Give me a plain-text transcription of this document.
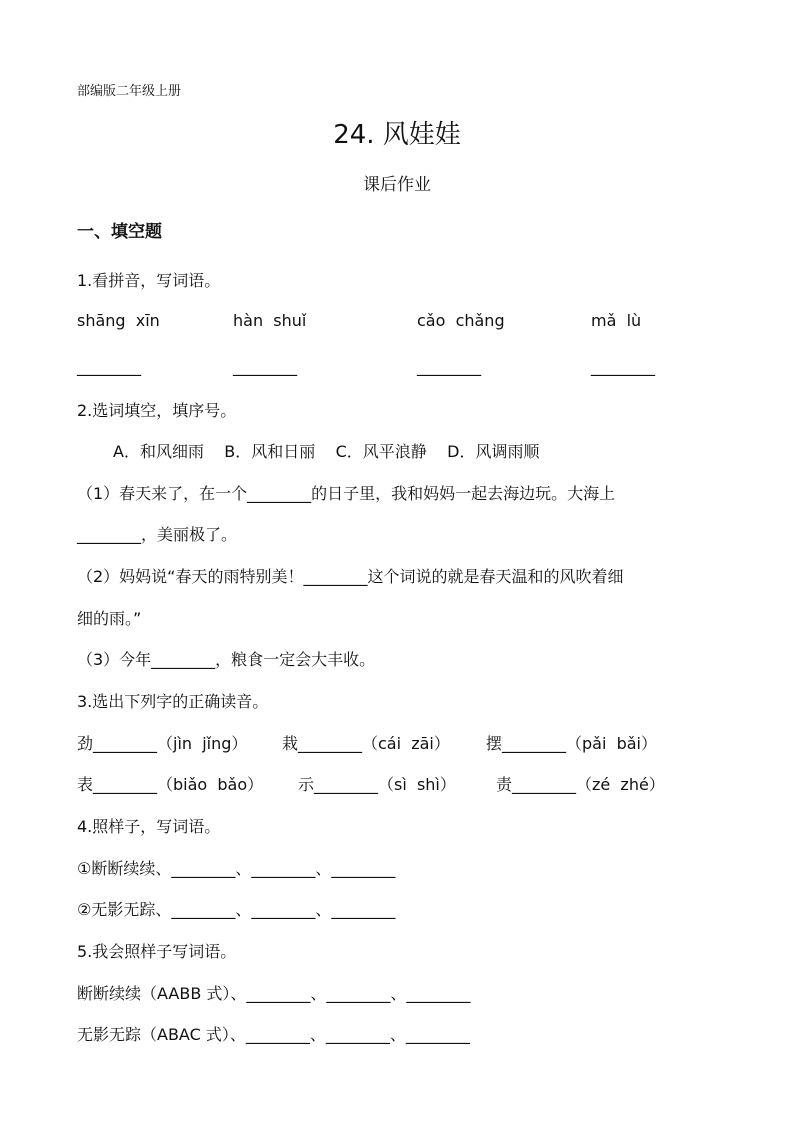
部编版二年级上册
24. 风娃娃
课后作业
一、填空题
1.看拼音，写词语。
shāng  xīn	hàn  shuǐ	cǎo  chǎng	mǎ  lù
________	________	________	________
2.选词填空，填序号。
A．和风细雨    B．风和日丽    C．风平浪静    D．风调雨顺
（1）春天来了，在一个________的日子里，我和妈妈一起去海边玩。大海上
________，美丽极了。
（2）妈妈说“春天的雨特别美！________这个词说的就是春天温和的风吹着细
细的雨。”
（3）今年________，粮食一定会大丰收。
3.选出下列字的正确读音。
劲________（jìn  jǐng） 栽________（cái  zāi） 摆________（pǎi  bǎi）
表________（biǎo  bǎo） 示________（sì  shì）	责________（zé  zhé）
4.照样子，写词语。
①断断续续、________、________、________
②无影无踪、________、________、________
5.我会照样子写词语。
断断续续（AABB 式）、________、________、________
无影无踪（ABAC 式）、________、________、________
